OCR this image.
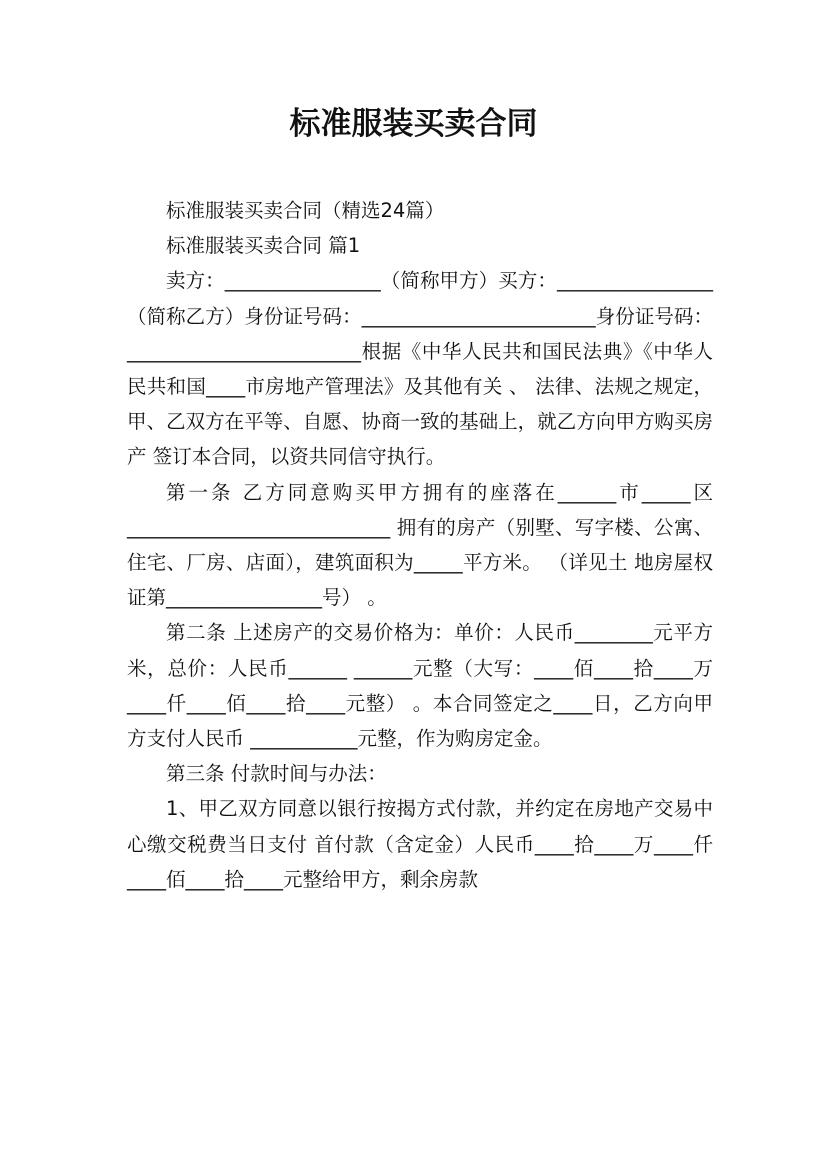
标准服装买卖合同

标准服装买卖合同（精选24篇）

标准服装买卖合同 篇1

卖方：________________（简称甲方）买方：________________（简称乙方）身份证号码：________________________身份证号码：________________________根据《中华人民共和国民法典》《中华人民共和国____市房地产管理法》及其他有关 、 法律、法规之规定，甲、乙双方在平等、自愿、协商一致的基础上，就乙方向甲方购买房产 签订本合同，以资共同信守执行。

第一条 乙方同意购买甲方拥有的座落在______市_____区___________________________ 拥有的房产（别墅、写字楼、公寓、住宅、厂房、店面），建筑面积为_____平方米。 （详见土 地房屋权证第________________号） 。

第二条 上述房产的交易价格为：单价：人民币________元平方米，总价：人民币______ ______元整（大写：____佰____拾____万____仟____佰____拾____元整） 。本合同签定之____日，乙方向甲方支付人民币 ___________元整，作为购房定金。

第三条 付款时间与办法：

1、甲乙双方同意以银行按揭方式付款，并约定在房地产交易中心缴交税费当日支付 首付款（含定金）人民币____拾____万____仟____佰____拾____元整给甲方，剩余房款
